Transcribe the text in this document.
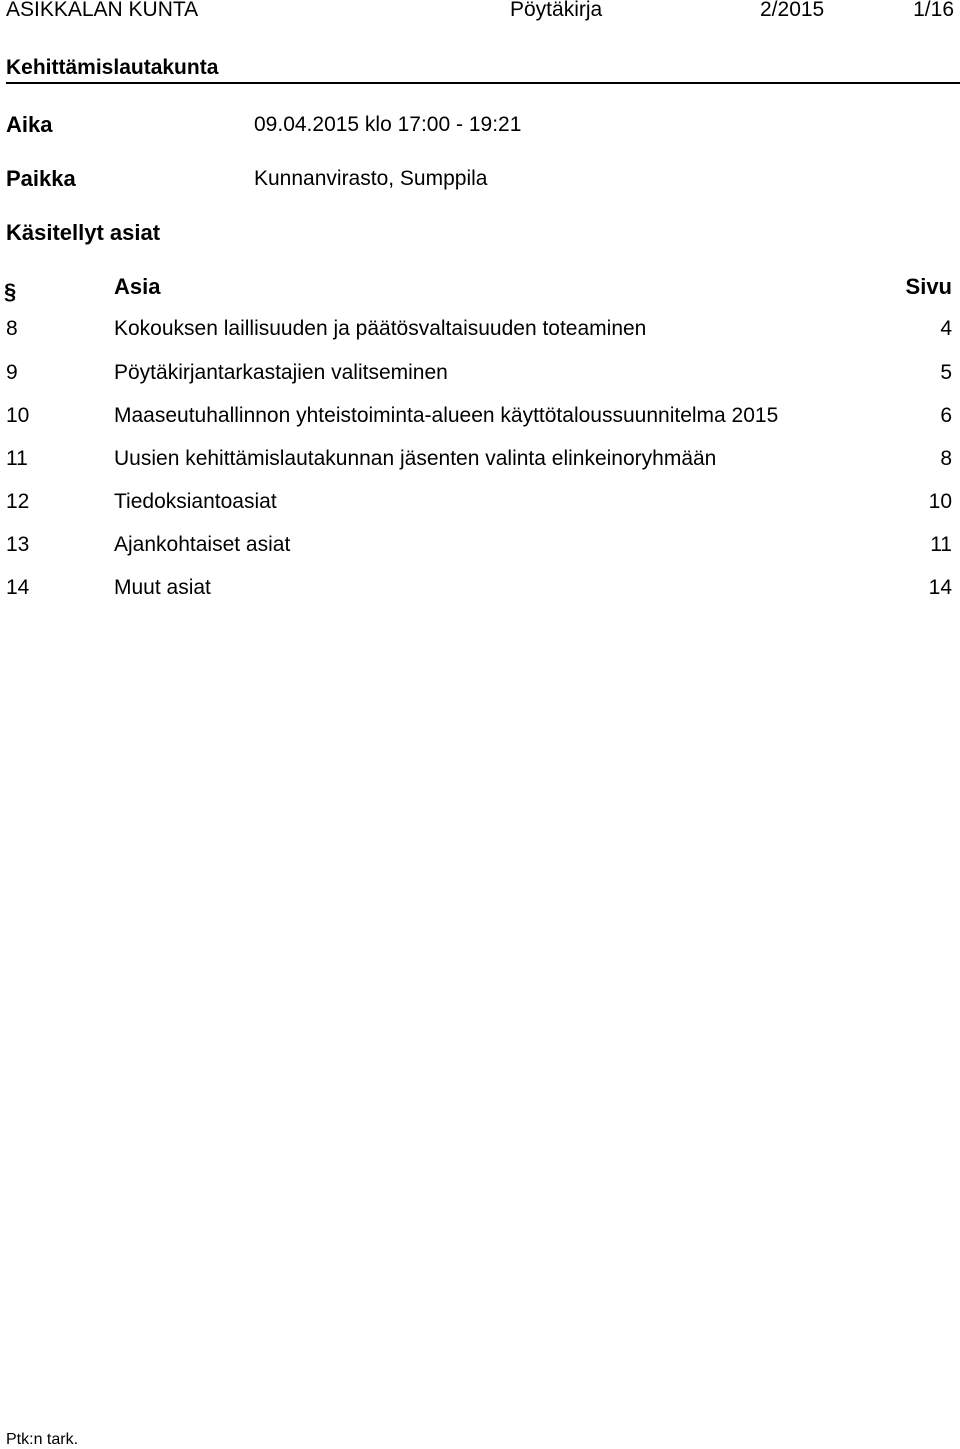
ASIKKALAN KUNTA	Pöytäkirja	2/2015	1/16
Kehittämislautakunta
Aika	09.04.2015 klo 17:00 - 19:21
Paikka	Kunnanvirasto, Sumppila
Käsitellyt asiat
§	Asia	Sivu
8	Kokouksen laillisuuden ja päätösvaltaisuuden toteaminen	4
9	Pöytäkirjantarkastajien valitseminen	5
10	Maaseutuhallinnon yhteistoiminta-alueen käyttötaloussuunnitelma 2015	6
11	Uusien kehittämislautakunnan jäsenten valinta elinkeinoryhmään	8
12	Tiedoksiantoasiat	10
13	Ajankohtaiset asiat	11
14	Muut asiat	14
Ptk:n tark.
